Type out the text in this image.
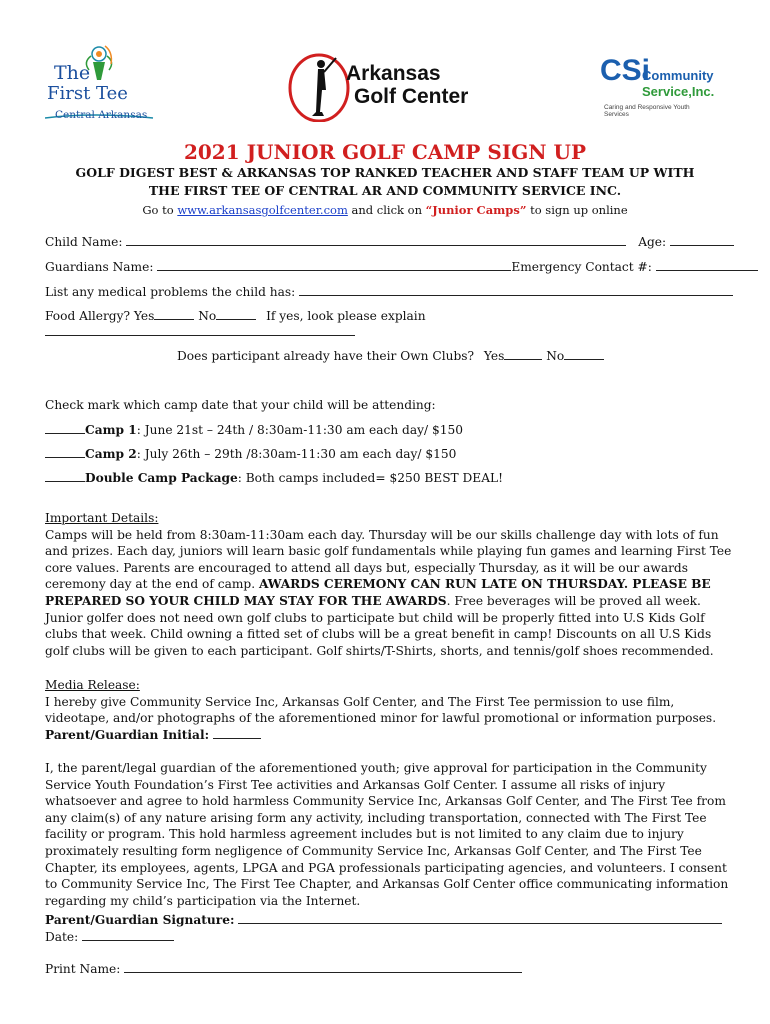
The
First Tee
Central Arkansas
Arkansas
Golf Center
CSi
Community
Service,Inc.
Caring and Responsive Youth Services
2021 JUNIOR GOLF CAMP SIGN UP
GOLF DIGEST BEST & ARKANSAS TOP RANKED TEACHER AND STAFF TEAM UP WITH
THE FIRST TEE OF CENTRAL AR AND COMMUNITY SERVICE INC.
Go to www.arkansasgolfcenter.com and click on “Junior Camps” to sign up online
Child Name:	Age:
Guardians Name:	Emergency Contact #:
List any medical problems the child has:
Food Allergy? Yes	No	If yes, look please explain
Does participant already have their Own Clubs? Yes	No
Check mark which camp date that your child will be attending:
Camp 1: June 21st – 24th / 8:30am-11:30 am each day/ $150
Camp 2: July 26th – 29th /8:30am-11:30 am each day/ $150
Double Camp Package: Both camps included= $250 BEST DEAL!

Important Details:

Camps will be held from 8:30am-11:30am each day. Thursday will be our skills challenge day with lots of fun and prizes. Each day, juniors will learn basic golf fundamentals while playing fun games and learning First Tee core values. Parents are encouraged to attend all days but, especially Thursday, as it will be our awards ceremony day at the end of camp. AWARDS CEREMONY CAN RUN LATE ON THURSDAY. PLEASE BE PREPARED SO YOUR CHILD MAY STAY FOR THE AWARDS. Free beverages will be proved all week. Junior golfer does not need own golf clubs to participate but child will be properly fitted into U.S Kids Golf clubs that week. Child owning a fitted set of clubs will be a great benefit in camp! Discounts on all U.S Kids golf clubs will be given to each participant. Golf shirts/T-Shirts, shorts, and tennis/golf shoes recommended.

Media Release:

I hereby give Community Service Inc, Arkansas Golf Center, and The First Tee permission to use film, videotape, and/or photographs of the aforementioned minor for lawful promotional or information purposes.

Parent/Guardian Initial:

I, the parent/legal guardian of the aforementioned youth; give approval for participation in the Community Service Youth Foundation’s First Tee activities and Arkansas Golf Center. I assume all risks of injury whatsoever and agree to hold harmless Community Service Inc, Arkansas Golf Center, and The First Tee from any claim(s) of any nature arising form any activity, including transportation, connected with The First Tee facility or program. This hold harmless agreement includes but is not limited to any claim due to injury proximately resulting form negligence of Community Service Inc, Arkansas Golf Center, and The First Tee Chapter, its employees, agents, LPGA and PGA professionals participating agencies, and volunteers. I consent to Community Service Inc, The First Tee Chapter, and Arkansas Golf Center office communicating information regarding my child’s participation via the Internet.
Parent/Guardian Signature:
Date:
Print Name:
